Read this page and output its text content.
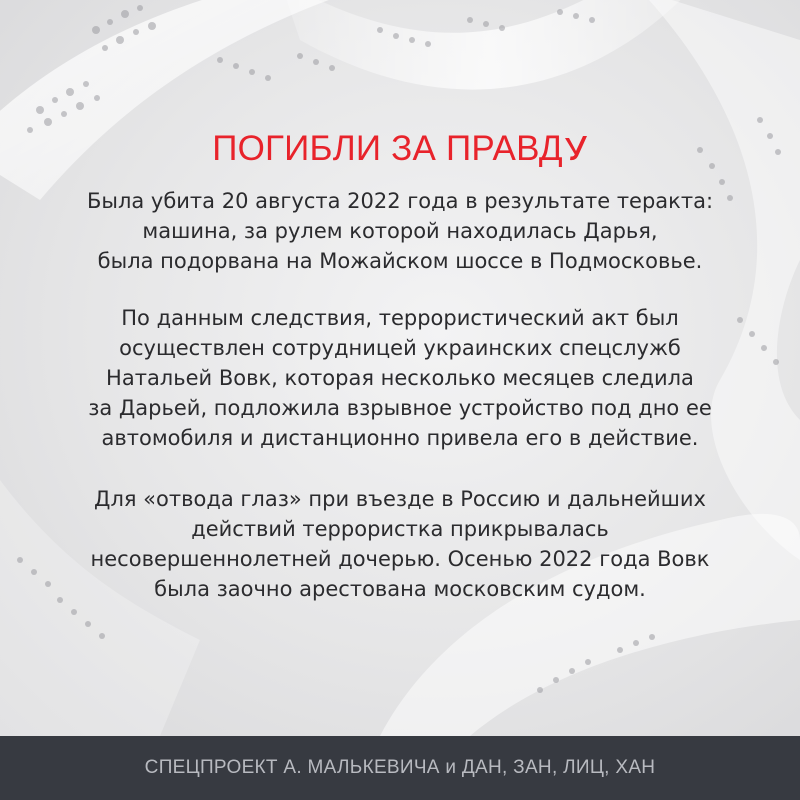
ПОГИБЛИ ЗА ПРАВД
Была убита 20 августа 2022 года в результате теракта:
машина, за рулем которой находилась Дарья,
была подорвана на Можайском шоссе в Подмосковье.
По данным следствия, террористический акт был
осуществлен сотрудницей украинских спецслужб
Натальей Вовк, которая несколько месяцев следила
за Дарьей, подложила взрывное устройство под дно ее
автомобиля и дистанционно привела его в действие.
Для «отвода глаз» при въезде в Россию и дальнейших
действий террористка прикрывалась
несовершеннолетней дочерью. Осенью 2022 года Вовк
была заочно арестована московским судом.
СПЕЦПРОЕКТ А. МАЛЬКЕВИЧА и ДАН, ЗАН, ЛИЦ, ХАН
